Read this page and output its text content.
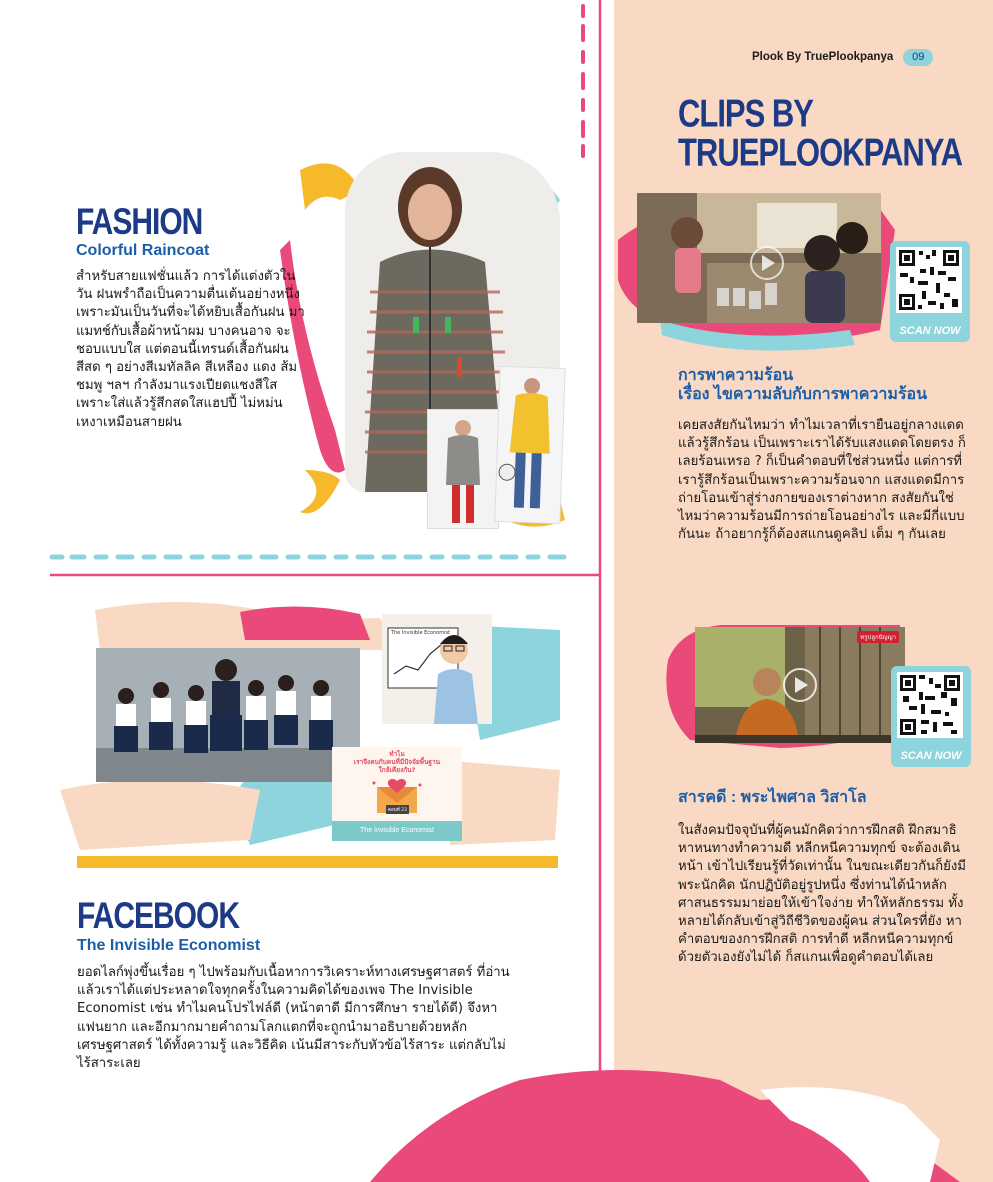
Plook By TruePlookpanya	09
CLIPS BY
TRUEPLOOKPANYA
SCAN NOW
การพาความร้อน
เรื่อง ไขความลับกับการพาความร้อน
เคยสงสัยกันไหมว่า ทำไมเวลาที่เรายืนอยู่กลางแดด แล้วรู้สึกร้อน เป็นเพราะเราได้รับแสงแดดโดยตรง ก็เลยร้อนเหรอ ? ก็เป็นคำตอบที่ใช่ส่วนหนึ่ง แต่การที่เรารู้สึกร้อนเป็นเพราะความร้อนจาก แสงแดดมีการถ่ายโอนเข้าสู่ร่างกายของเราต่างหาก สงสัยกันใช่ไหมว่าความร้อนมีการถ่ายโอนอย่างไร และมีกี่แบบกันนะ ถ้าอยากรู้ก็ต้องสแกนดูคลิป เต็ม ๆ กันเลย
ทรูปลูกปัญญา
SCAN NOW
สารคดี : พระไพศาล วิสาโล
ในสังคมปัจจุบันที่ผู้คนมักคิดว่าการฝึกสติ ฝึกสมาธิ หาหนทางทำความดี หลีกหนีความทุกข์ จะต้องเดินหน้า เข้าไปเรียนรู้ที่วัดเท่านั้น ในขณะเดียวกันก็ยังมี พระนักคิด นักปฏิบัติอยู่รูปหนึ่ง ซึ่งท่านได้นำหลัก ศาสนธรรมมาย่อยให้เข้าใจง่าย ทำให้หลักธรรม ทั้งหลายได้กลับเข้าสู่วิถีชีวิตของผู้คน ส่วนใครที่ยัง หาคำตอบของการฝึกสติ การทำดี หลีกหนีความทุกข์ ด้วยตัวเองยังไม่ได้ ก็สแกนเพื่อดูคำตอบได้เลย
FASHION
Colorful Raincoat
สำหรับสายแฟชั่นแล้ว การได้แต่งตัวในวัน ฝนพรำถือเป็นความตื่นเต้นอย่างหนึ่ง เพราะมันเป็นวันที่จะได้หยิบเสื้อกันฝน มาแมทช์กับเสื้อผ้าหน้าผม บางคนอาจ จะชอบแบบใส แต่ตอนนี้เทรนด์เสื้อกันฝน สีสด ๆ อย่างสีเมทัลลิค สีเหลือง แดง ส้ม ชมพู ฯลฯ กำลังมาแรงเปียดแชงสีใส เพราะใส่แล้วรู้สึกสดใสแฮปปี้ ไม่หม่น เหงาเหมือนสายฝน
The Invisible Economist
ทำไม
เราจึงคบกับคนที่มีปัจจัยพื้นฐาน
ใกล้เคียงกัน?
คอนที่ 23
The Invisible Economist
FACEBOOK
The Invisible Economist
ยอดไลก์พุ่งขึ้นเรื่อย ๆ ไปพร้อมกับเนื้อหาการวิเคราะห์ทางเศรษฐศาสตร์ ที่อ่านแล้วเราได้แต่ประหลาดใจทุกครั้งในความคิดได้ของเพจ The Invisible Economist เช่น ทำไมคนโปรไฟล์ดี (หน้าตาดี มีการศึกษา รายได้ดี) จึงหาแฟนยาก และอีกมากมายคำถามโลกแตกที่จะถูกนำมาอธิบายด้วยหลักเศรษฐศาสตร์ ได้ทั้งความรู้ และวิธีคิด เน้นมีสาระกับหัวข้อไร้สาระ แต่กลับไม่ไร้สาระเลย
